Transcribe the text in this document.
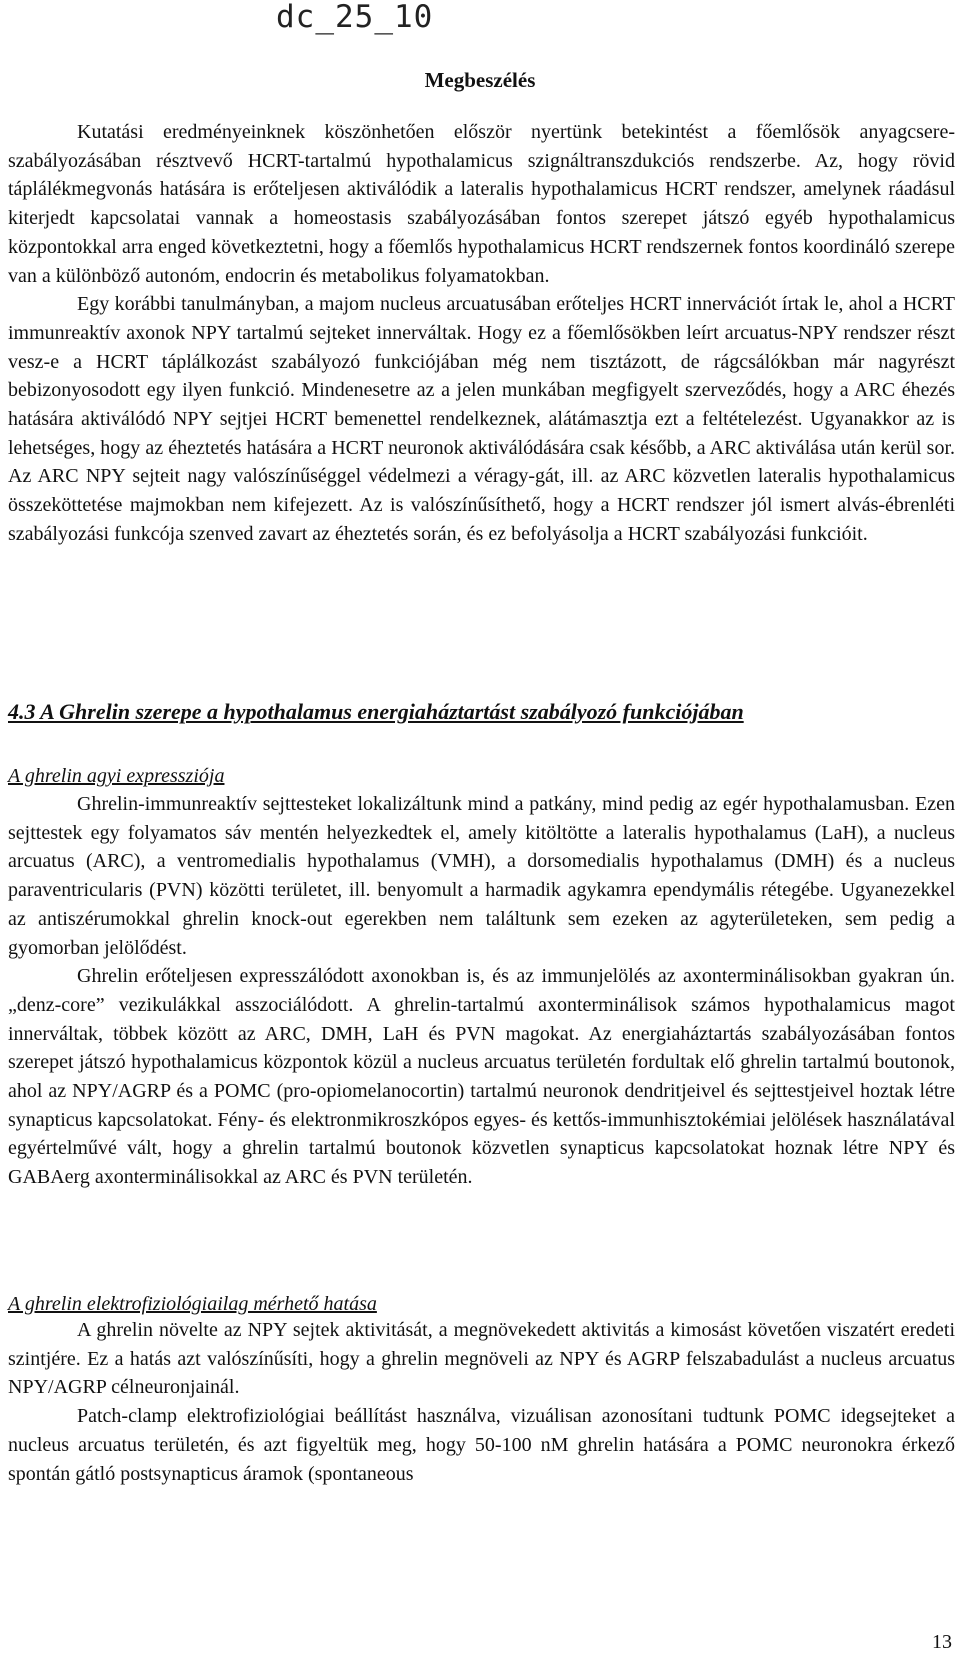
dc_25_10
Megbeszélés

Kutatási eredményeinknek köszönhetően először nyertünk betekintést a főemlősök anyagcsere-szabályozásában résztvevő HCRT-tartalmú hypothalamicus szignáltranszdukciós rendszerbe. Az, hogy rövid táplálékmegvonás hatására is erőteljesen aktiválódik a lateralis hypothalamicus HCRT rendszer, amelynek ráadásul kiterjedt kapcsolatai vannak a homeostasis szabályozásában fontos szerepet játszó egyéb hypothalamicus központokkal arra enged következtetni, hogy a főemlős hypothalamicus HCRT rendszernek fontos koordináló szerepe van a különböző autonóm, endocrin és metabolikus folyamatokban.

Egy korábbi tanulmányban, a majom nucleus arcuatusában erőteljes HCRT innervációt írtak le, ahol a HCRT immunreaktív axonok NPY tartalmú sejteket innerváltak. Hogy ez a főemlősökben leírt arcuatus-NPY rendszer részt vesz-e a HCRT táplálkozást szabályozó funkciójában még nem tisztázott, de rágcsálókban már nagyrészt bebizonyosodott egy ilyen funkció. Mindenesetre az a jelen munkában megfigyelt szerveződés, hogy a ARC éhezés hatására aktiválódó NPY sejtjei HCRT bemenettel rendelkeznek, alátámasztja ezt a feltételezést. Ugyanakkor az is lehetséges, hogy az éheztetés hatására a HCRT neuronok aktiválódására csak később, a ARC aktiválása után kerül sor. Az ARC NPY sejteit nagy valószínűséggel védelmezi a véragy-gát, ill. az ARC közvetlen lateralis hypothalamicus összeköttetése majmokban nem kifejezett. Az is valószínűsíthető, hogy a HCRT rendszer jól ismert alvás-ébrenléti szabályozási funkcója szenved zavart az éheztetés során, és ez befolyásolja a HCRT szabályozási funkcióit.

4.3 A Ghrelin szerepe a hypothalamus energiaháztartást szabályozó funkciójában
A ghrelin agyi expressziója

Ghrelin-immunreaktív sejttesteket lokalizáltunk mind a patkány, mind pedig az egér hypothalamusban. Ezen sejttestek egy folyamatos sáv mentén helyezkedtek el, amely kitöltötte a lateralis hypothalamus (LaH), a nucleus arcuatus (ARC), a ventromedialis hypothalamus (VMH), a dorsomedialis hypothalamus (DMH) és a nucleus paraventricularis (PVN) közötti területet, ill. benyomult a harmadik agykamra ependymális rétegébe. Ugyanezekkel az antiszérumokkal ghrelin knock-out egerekben nem találtunk sem ezeken az agyterületeken, sem pedig a gyomorban jelölődést.

Ghrelin erőteljesen expresszálódott axonokban is, és az immunjelölés az axonterminálisokban gyakran ún. „denz-core” vezikulákkal asszociálódott. A ghrelin-tartalmú axonterminálisok számos hypothalamicus magot innerváltak, többek között az ARC, DMH, LaH és PVN magokat. Az energiaháztartás szabályozásában fontos szerepet játszó hypothalamicus központok közül a nucleus arcuatus területén fordultak elő ghrelin tartalmú boutonok, ahol az NPY/AGRP és a POMC (pro-opiomelanocortin) tartalmú neuronok dendritjeivel és sejttestjeivel hoztak létre synapticus kapcsolatokat. Fény- és elektronmikroszkópos egyes- és kettős-immunhisztokémiai jelölések használatával egyértelművé vált, hogy a ghrelin tartalmú boutonok közvetlen synapticus kapcsolatokat hoznak létre NPY és GABAerg axonterminálisokkal az ARC és PVN területén.

A ghrelin elektrofiziológiailag mérhető hatása

A ghrelin növelte az NPY sejtek aktivitását, a megnövekedett aktivitás a kimosást követően viszatért eredeti szintjére. Ez a hatás azt valószínűsíti, hogy a ghrelin megnöveli az NPY és AGRP felszabadulást a nucleus arcuatus NPY/AGRP célneuronjainál.

Patch-clamp elektrofiziológiai beállítást használva, vizuálisan azonosítani tudtunk POMC idegsejteket a nucleus arcuatus területén, és azt figyeltük meg, hogy 50-100 nM ghrelin hatására a POMC neuronokra érkező spontán gátló postsynapticus áramok (spontaneous

13
